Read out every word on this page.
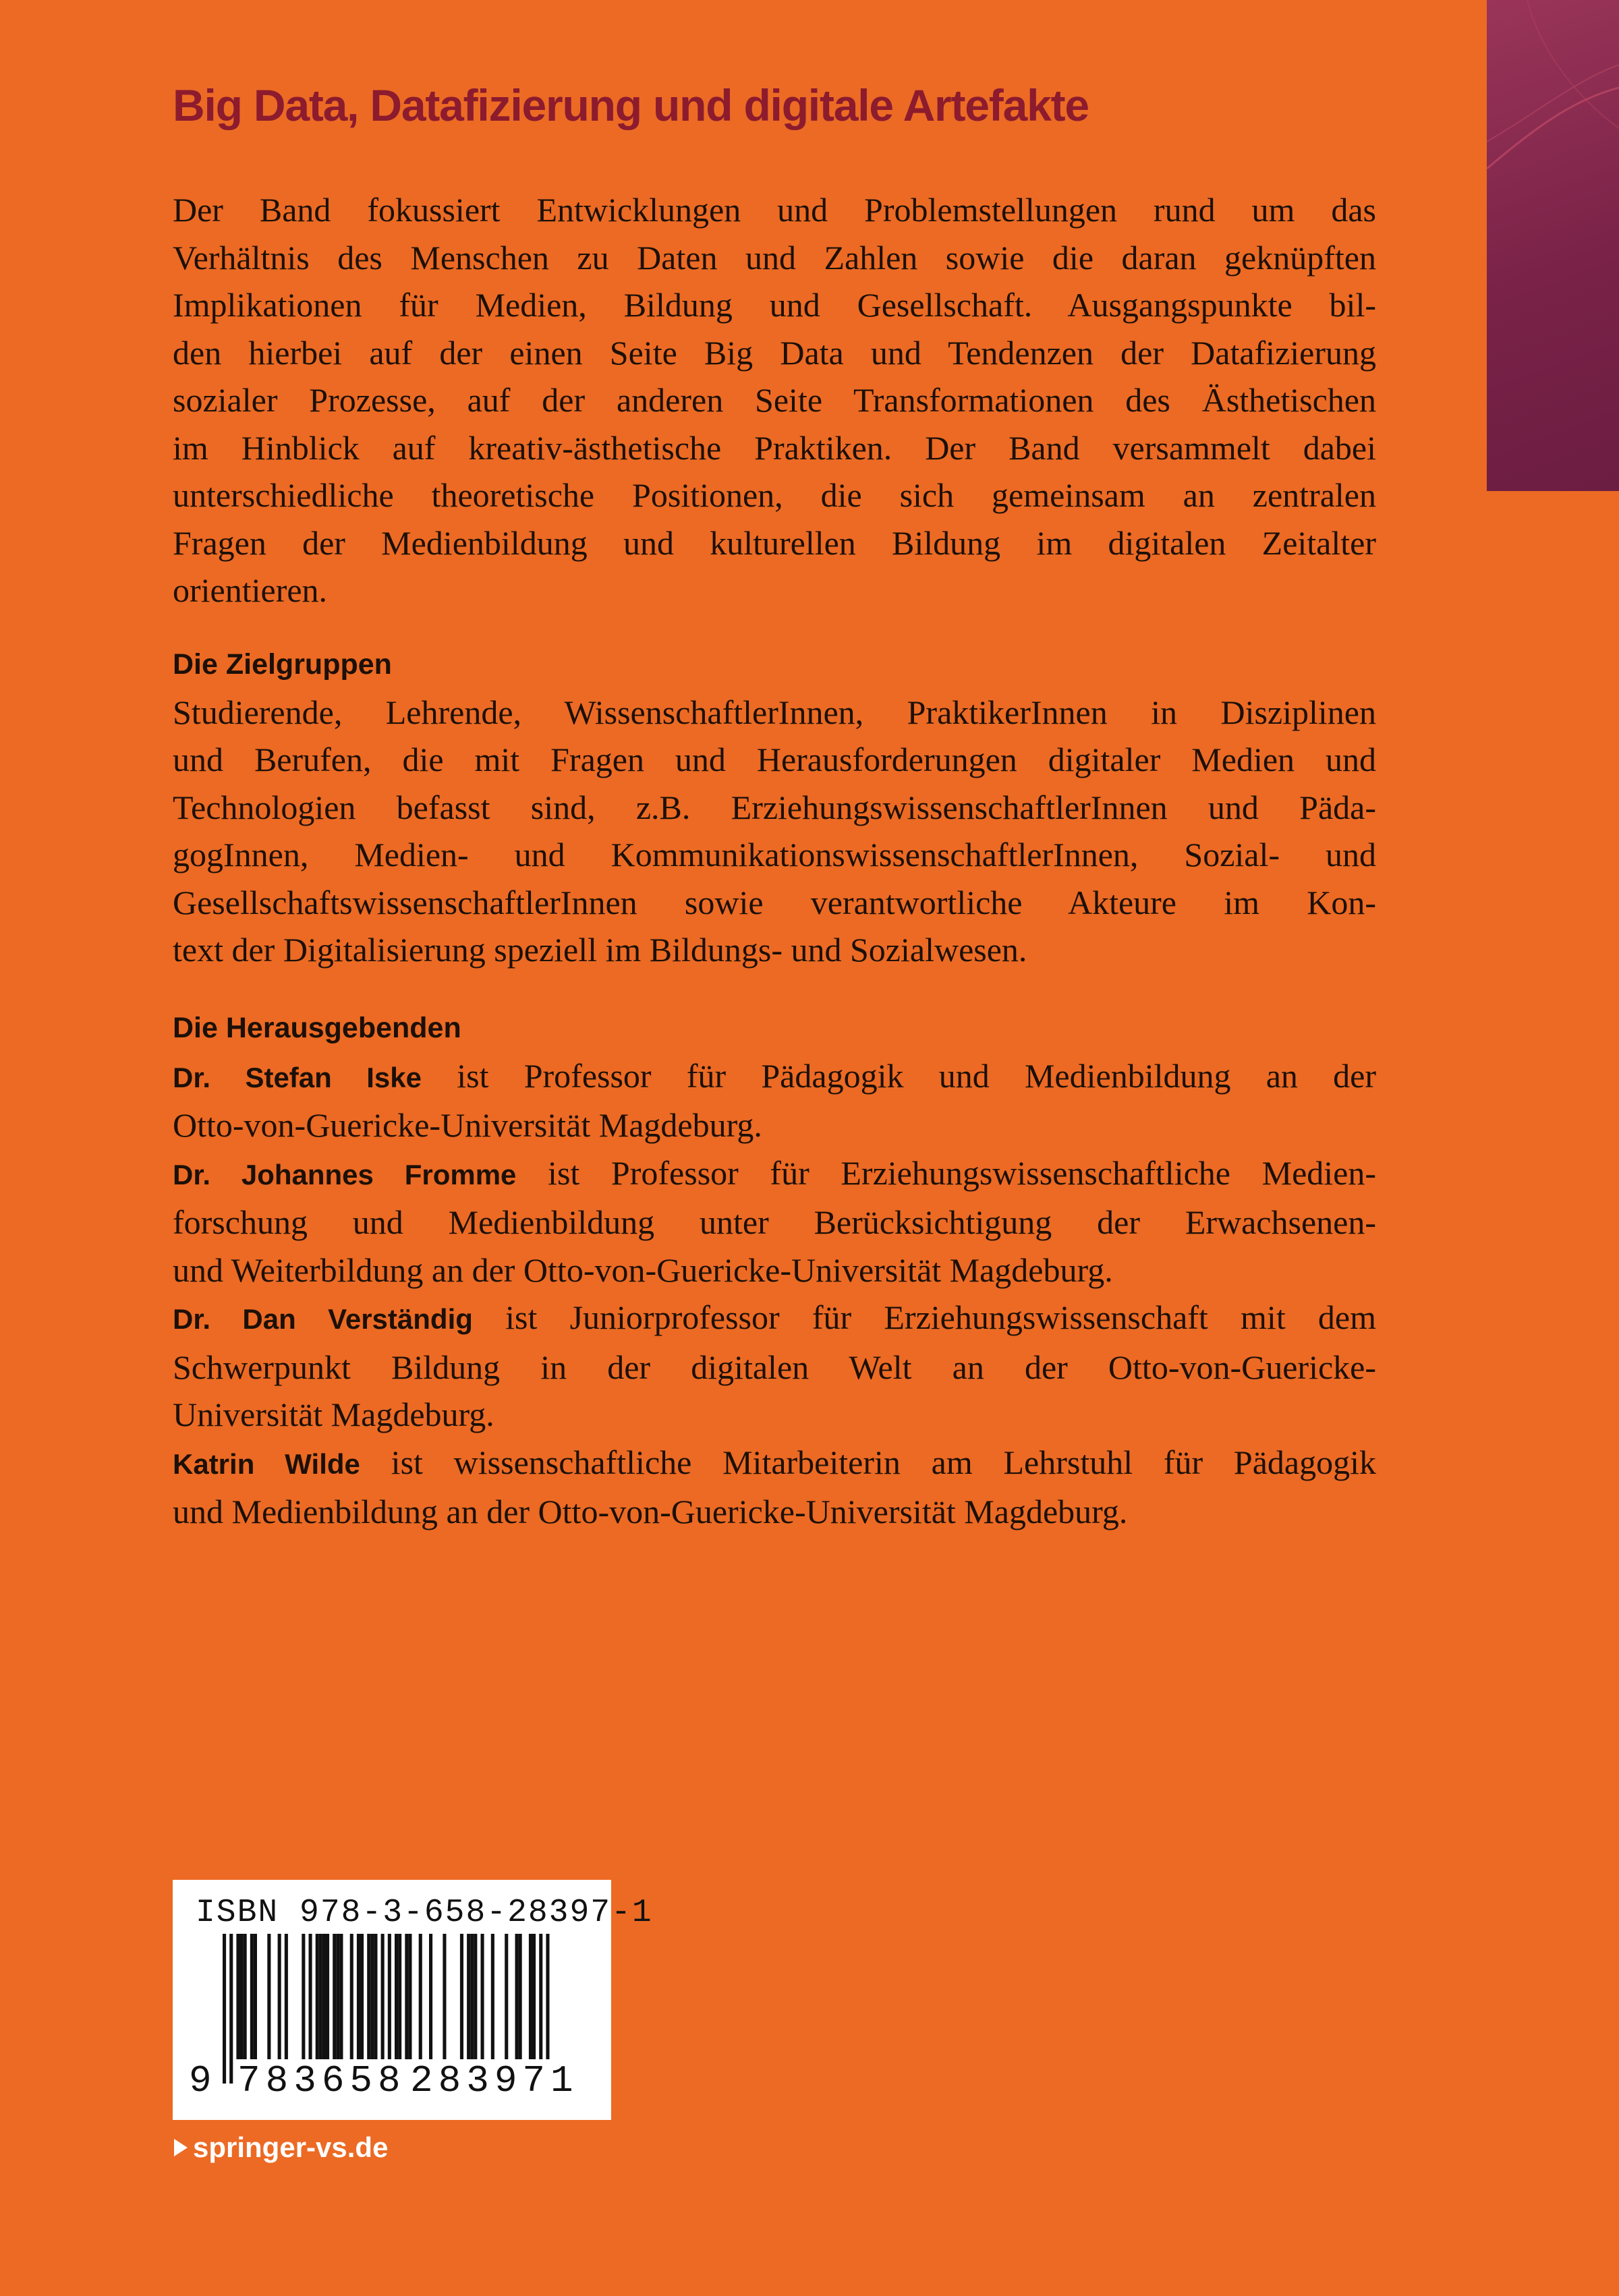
Big Data, Datafizierung und digitale Artefakte

Der Band fokussiert Entwicklungen und Problemstellungen rund um das

Verhältnis des Menschen zu Daten und Zahlen sowie die daran geknüpften

Implikationen für Medien, Bildung und Gesellschaft. Ausgangspunkte bil-

den hierbei auf der einen Seite Big Data und Tendenzen der Datafizierung

sozialer Prozesse, auf der anderen Seite Transformationen des Ästhetischen

im Hinblick auf kreativ-ästhetische Praktiken. Der Band versammelt dabei

unterschiedliche theoretische Positionen, die sich gemeinsam an zentralen

Fragen der Medienbildung und kulturellen Bildung im digitalen Zeitalter

orientieren.

Die Zielgruppen

Studierende, Lehrende, WissenschaftlerInnen, PraktikerInnen in Disziplinen

und Berufen, die mit Fragen und Herausforderungen digitaler Medien und

Technologien befasst sind, z.B. ErziehungswissenschaftlerInnen und Päda-

gogInnen, Medien- und KommunikationswissenschaftlerInnen, Sozial- und

GesellschaftswissenschaftlerInnen sowie verantwortliche Akteure im Kon-

text der Digitalisierung speziell im Bildungs- und Sozialwesen.

Die Herausgebenden

Dr. Stefan Iske ist Professor für Pädagogik und Medienbildung an der

Otto-von-Guericke-Universität Magdeburg.

Dr. Johannes Fromme ist Professor für Erziehungswissenschaftliche Medien-

forschung und Medienbildung unter Berücksichtigung der Erwachsenen-

und Weiterbildung an der Otto-von-Guericke-Universität Magdeburg.

Dr. Dan Verständig ist Juniorprofessor für Erziehungswissenschaft mit dem

Schwerpunkt Bildung in der digitalen Welt an der Otto-von-Guericke-

Universität Magdeburg.

Katrin Wilde ist wissenschaftliche Mitarbeiterin am Lehrstuhl für Pädagogik

und Medienbildung an der Otto-von-Guericke-Universität Magdeburg.

ISBN 978-3-658-28397-1
9 783658 283971
springer-vs.de
